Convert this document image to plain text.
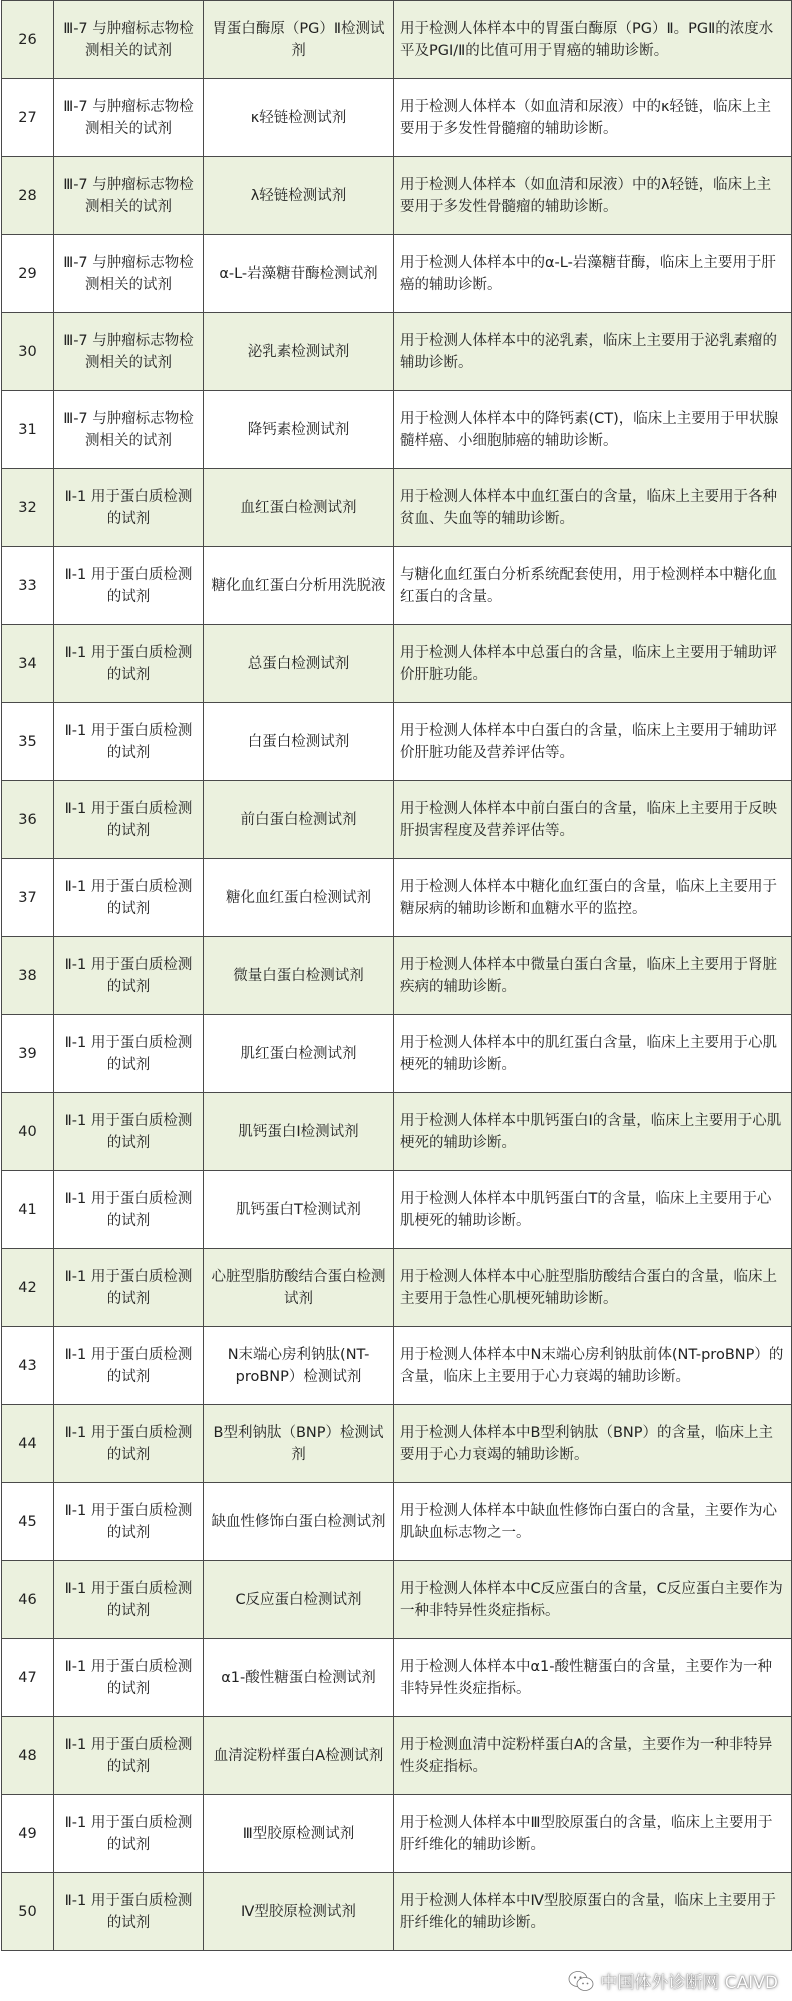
26	Ⅲ-7 与肿瘤标志物检测相关的试剂	胃蛋白酶原（PG）Ⅱ检测试剂	用于检测人体样本中的胃蛋白酶原（PG）Ⅱ。PGⅡ的浓度水平及PGI/Ⅱ的比值可用于胃癌的辅助诊断。
27	Ⅲ-7 与肿瘤标志物检测相关的试剂	κ轻链检测试剂	用于检测人体样本（如血清和尿液）中的κ轻链，临床上主要用于多发性骨髓瘤的辅助诊断。
28	Ⅲ-7 与肿瘤标志物检测相关的试剂	λ轻链检测试剂	用于检测人体样本（如血清和尿液）中的λ轻链，临床上主要用于多发性骨髓瘤的辅助诊断。
29	Ⅲ-7 与肿瘤标志物检测相关的试剂	α-L-岩藻糖苷酶检测试剂	用于检测人体样本中的α-L-岩藻糖苷酶，临床上主要用于肝癌的辅助诊断。
30	Ⅲ-7 与肿瘤标志物检测相关的试剂	泌乳素检测试剂	用于检测人体样本中的泌乳素，临床上主要用于泌乳素瘤的辅助诊断。
31	Ⅲ-7 与肿瘤标志物检测相关的试剂	降钙素检测试剂	用于检测人体样本中的降钙素(CT)，临床上主要用于甲状腺髓样癌、小细胞肺癌的辅助诊断。
32	Ⅱ-1 用于蛋白质检测的试剂	血红蛋白检测试剂	用于检测人体样本中血红蛋白的含量，临床上主要用于各种贫血、失血等的辅助诊断。
33	Ⅱ-1 用于蛋白质检测的试剂	糖化血红蛋白分析用洗脱液	与糖化血红蛋白分析系统配套使用，用于检测样本中糖化血红蛋白的含量。
34	Ⅱ-1 用于蛋白质检测的试剂	总蛋白检测试剂	用于检测人体样本中总蛋白的含量，临床上主要用于辅助评价肝脏功能。
35	Ⅱ-1 用于蛋白质检测的试剂	白蛋白检测试剂	用于检测人体样本中白蛋白的含量，临床上主要用于辅助评价肝脏功能及营养评估等。
36	Ⅱ-1 用于蛋白质检测的试剂	前白蛋白检测试剂	用于检测人体样本中前白蛋白的含量，临床上主要用于反映肝损害程度及营养评估等。
37	Ⅱ-1 用于蛋白质检测的试剂	糖化血红蛋白检测试剂	用于检测人体样本中糖化血红蛋白的含量，临床上主要用于糖尿病的辅助诊断和血糖水平的监控。
38	Ⅱ-1 用于蛋白质检测的试剂	微量白蛋白检测试剂	用于检测人体样本中微量白蛋白含量，临床上主要用于肾脏疾病的辅助诊断。
39	Ⅱ-1 用于蛋白质检测的试剂	肌红蛋白检测试剂	用于检测人体样本中的肌红蛋白含量，临床上主要用于心肌梗死的辅助诊断。
40	Ⅱ-1 用于蛋白质检测的试剂	肌钙蛋白I检测试剂	用于检测人体样本中肌钙蛋白I的含量，临床上主要用于心肌梗死的辅助诊断。
41	Ⅱ-1 用于蛋白质检测的试剂	肌钙蛋白T检测试剂	用于检测人体样本中肌钙蛋白T的含量，临床上主要用于心肌梗死的辅助诊断。
42	Ⅱ-1 用于蛋白质检测的试剂	心脏型脂肪酸结合蛋白检测试剂	用于检测人体样本中心脏型脂肪酸结合蛋白的含量，临床上主要用于急性心肌梗死辅助诊断。
43	Ⅱ-1 用于蛋白质检测的试剂	N末端心房利钠肽(NT-proBNP）检测试剂	用于检测人体样本中N末端心房利钠肽前体(NT-proBNP）的含量，临床上主要用于心力衰竭的辅助诊断。
44	Ⅱ-1 用于蛋白质检测的试剂	B型利钠肽（BNP）检测试剂	用于检测人体样本中B型利钠肽（BNP）的含量，临床上主要用于心力衰竭的辅助诊断。
45	Ⅱ-1 用于蛋白质检测的试剂	缺血性修饰白蛋白检测试剂	用于检测人体样本中缺血性修饰白蛋白的含量，主要作为心肌缺血标志物之一。
46	Ⅱ-1 用于蛋白质检测的试剂	C反应蛋白检测试剂	用于检测人体样本中C反应蛋白的含量，C反应蛋白主要作为一种非特异性炎症指标。
47	Ⅱ-1 用于蛋白质检测的试剂	α1-酸性糖蛋白检测试剂	用于检测人体样本中α1-酸性糖蛋白的含量，主要作为一种非特异性炎症指标。
48	Ⅱ-1 用于蛋白质检测的试剂	血清淀粉样蛋白A检测试剂	用于检测血清中淀粉样蛋白A的含量，主要作为一种非特异性炎症指标。
49	Ⅱ-1 用于蛋白质检测的试剂	Ⅲ型胶原检测试剂	用于检测人体样本中Ⅲ型胶原蛋白的含量，临床上主要用于肝纤维化的辅助诊断。
50	Ⅱ-1 用于蛋白质检测的试剂	Ⅳ型胶原检测试剂	用于检测人体样本中Ⅳ型胶原蛋白的含量，临床上主要用于肝纤维化的辅助诊断。
中国体外诊断网 CAIVD
